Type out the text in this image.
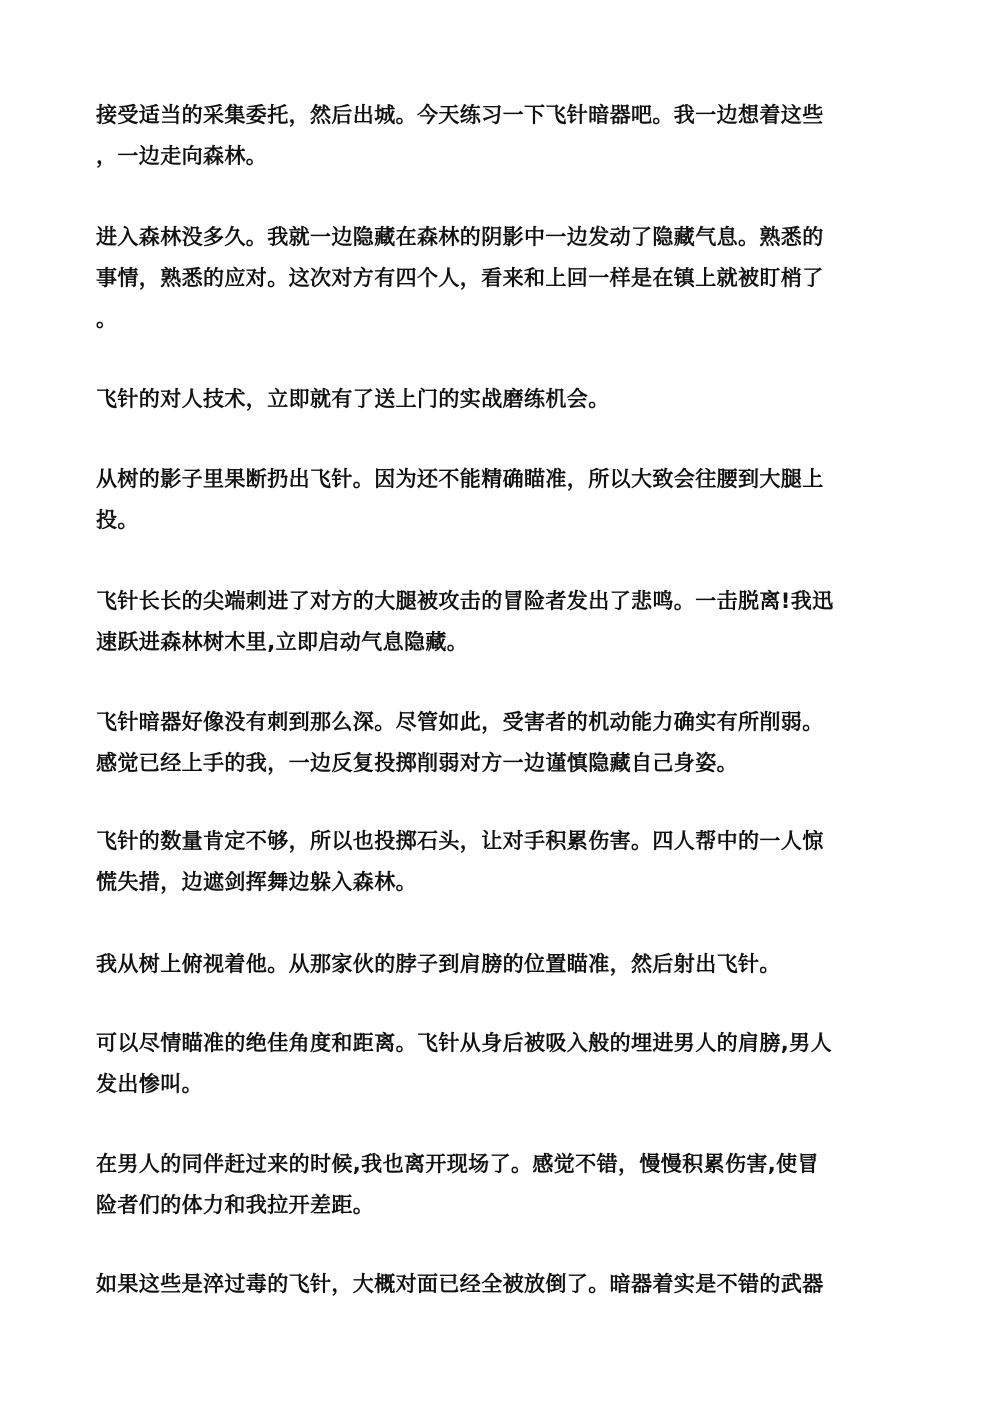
接受适当的采集委托，然后出城。今天练习一下飞针暗器吧。我一边想着这些
，一边走向森林。
进入森林没多久。我就一边隐藏在森林的阴影中一边发动了隐藏气息。熟悉的
事情，熟悉的应对。这次对方有四个人，看来和上回一样是在镇上就被盯梢了
。
飞针的对人技术，立即就有了送上门的实战磨练机会。
从树的影子里果断扔出飞针。因为还不能精确瞄准，所以大致会往腰到大腿上
投。
飞针长长的尖端刺进了对方的大腿被攻击的冒险者发出了悲鸣。一击脱离!我迅
速跃进森林树木里,立即启动气息隐藏。
飞针暗器好像没有刺到那么深。尽管如此，受害者的机动能力确实有所削弱。
感觉已经上手的我，一边反复投掷削弱对方一边谨慎隐藏自己身姿。
飞针的数量肯定不够，所以也投掷石头，让对手积累伤害。四人帮中的一人惊
慌失措，边遮剑挥舞边躲入森林。
我从树上俯视着他。从那家伙的脖子到肩膀的位置瞄准，然后射出飞针。
可以尽情瞄准的绝佳角度和距离。飞针从身后被吸入般的埋进男人的肩膀,男人
发出惨叫。
在男人的同伴赶过来的时候,我也离开现场了。感觉不错，慢慢积累伤害,使冒
险者们的体力和我拉开差距。
如果这些是淬过毒的飞针，大概对面已经全被放倒了。暗器着实是不错的武器
